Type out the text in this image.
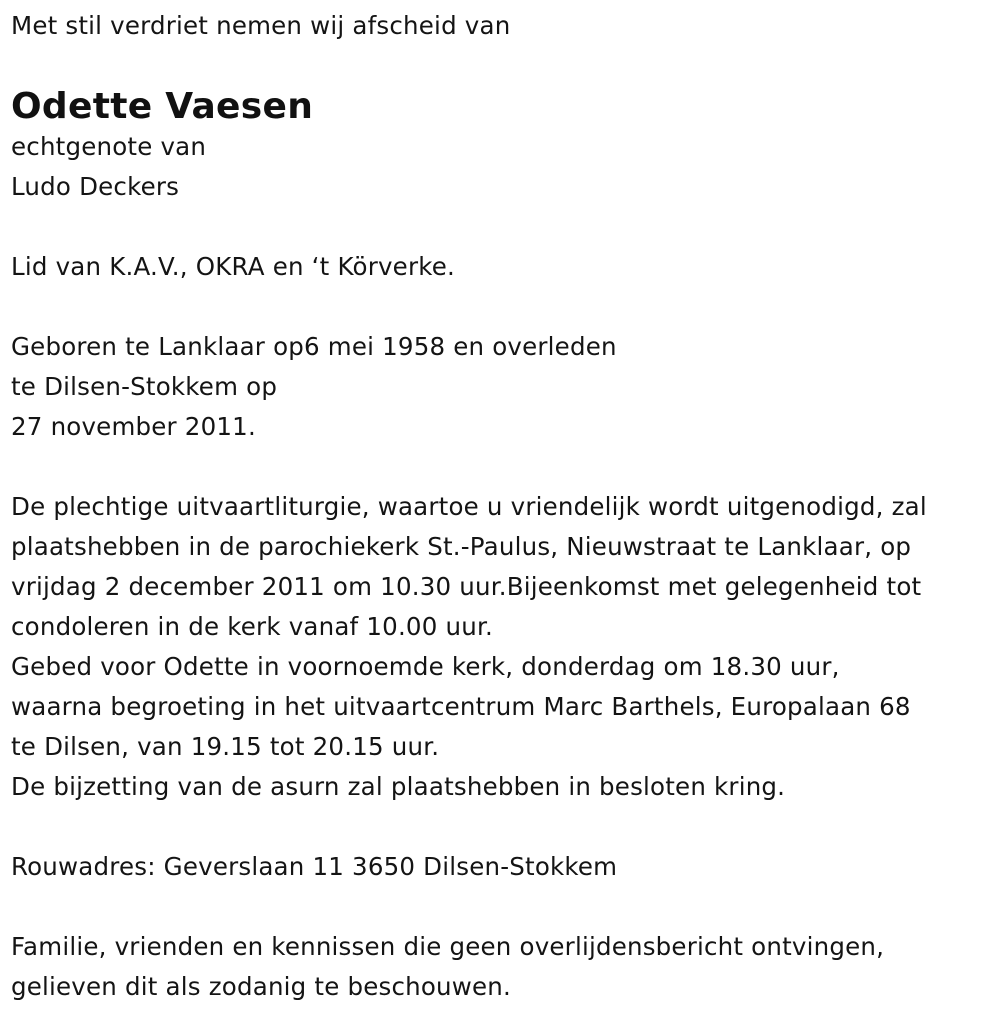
Met stil verdriet nemen wij afscheid van
Odette Vaesen
echtgenote van
Ludo Deckers
Lid van K.A.V., OKRA en ‘t Körverke.
Geboren te Lanklaar op6 mei 1958 en overleden
te Dilsen-Stokkem op
27 november 2011.
De plechtige uitvaartliturgie, waartoe u vriendelijk wordt uitgenodigd, zal
plaatshebben in de parochiekerk St.-Paulus, Nieuwstraat te Lanklaar, op
vrijdag 2 december 2011 om 10.30 uur.Bijeenkomst met gelegenheid tot
condoleren in de kerk vanaf 10.00 uur.
Gebed voor Odette in voornoemde kerk, donderdag om 18.30 uur,
waarna begroeting in het uitvaartcentrum Marc Barthels, Europalaan 68
te Dilsen, van 19.15 tot 20.15 uur.
De bijzetting van de asurn zal plaatshebben in besloten kring.
Rouwadres: Geverslaan 11 3650 Dilsen-Stokkem
Familie, vrienden en kennissen die geen overlijdensbericht ontvingen,
gelieven dit als zodanig te beschouwen.
